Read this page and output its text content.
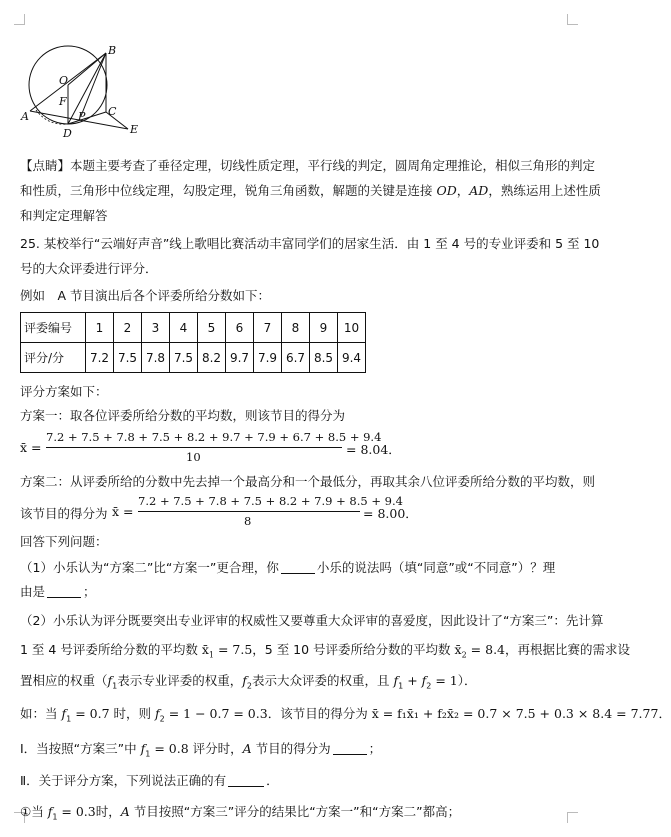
B
O
F
P C
A
D	E
【点睛】本题主要考查了垂径定理，切线性质定理，平行线的判定，圆周角定理推论，相似三角形的判定
和性质，三角形中位线定理，勾股定理，锐角三角函数，解题的关键是连接 OD，AD，熟练运用上述性质
和判定定理解答
25. 某校举行“云端好声音”线上歌唱比赛活动丰富同学们的居家生活．由 1 至 4 号的专业评委和 5 至 10
号的大众评委进行评分．
例如　A 节目演出后各个评委所给分数如下：
评委编号	1	2	3	4	5	6	7	8	9	10
评分/分	7.2	7.5	7.8	7.5	8.2	9.7	7.9	6.7	8.5	9.4
评分方案如下：
方案一：取各位评委所给分数的平均数，则该节目的得分为
x̄ =
7.2 + 7.5 + 7.8 + 7.5 + 8.2 + 9.7 + 7.9 + 6.7 + 8.5 + 9.4
10	= 8.04．
方案二：从评委所给的分数中先去掉一个最高分和一个最低分，再取其余八位评委所给分数的平均数，则
该节目的得分为 x̄ =
7.2 + 7.5 + 7.8 + 7.5 + 8.2 + 7.9 + 8.5 + 9.4
8	= 8.00．
回答下列问题：
（1）小乐认为“方案二”比“方案一”更合理，你	小乐的说法吗（填“同意”或“不同意”）？理
由是	；
（2）小乐认为评分既要突出专业评审的权威性又要尊重大众评审的喜爱度，因此设计了“方案三”：先计算
1 至 4 号评委所给分数的平均数 $x̄_1 = 7.5$，5 至 10 号评委所给分数的平均数 $x̄_2 = 8.4$，再根据比赛的需求设
置相应的权重（$f_1$表示专业评委的权重，$f_2$表示大众评委的权重，且 $f_1 + f_2 = 1$）．
如：当 $f_1 = 0.7$ 时，则 $f_2 = 1 - 0.7 = 0.3$．该节目的得分为 x̄ = f₁x̄₁ + f₂x̄₂ = 0.7 × 7.5 + 0.3 × 8.4 = 7.77．
Ⅰ．当按照“方案三”中 $f_1 = 0.8$ 评分时，A 节目的得分为	；
Ⅱ．关于评分方案，下列说法正确的有	．
①当 $f_1 = 0.3$时，A 节目按照“方案三”评分的结果比“方案一”和“方案二”都高；
